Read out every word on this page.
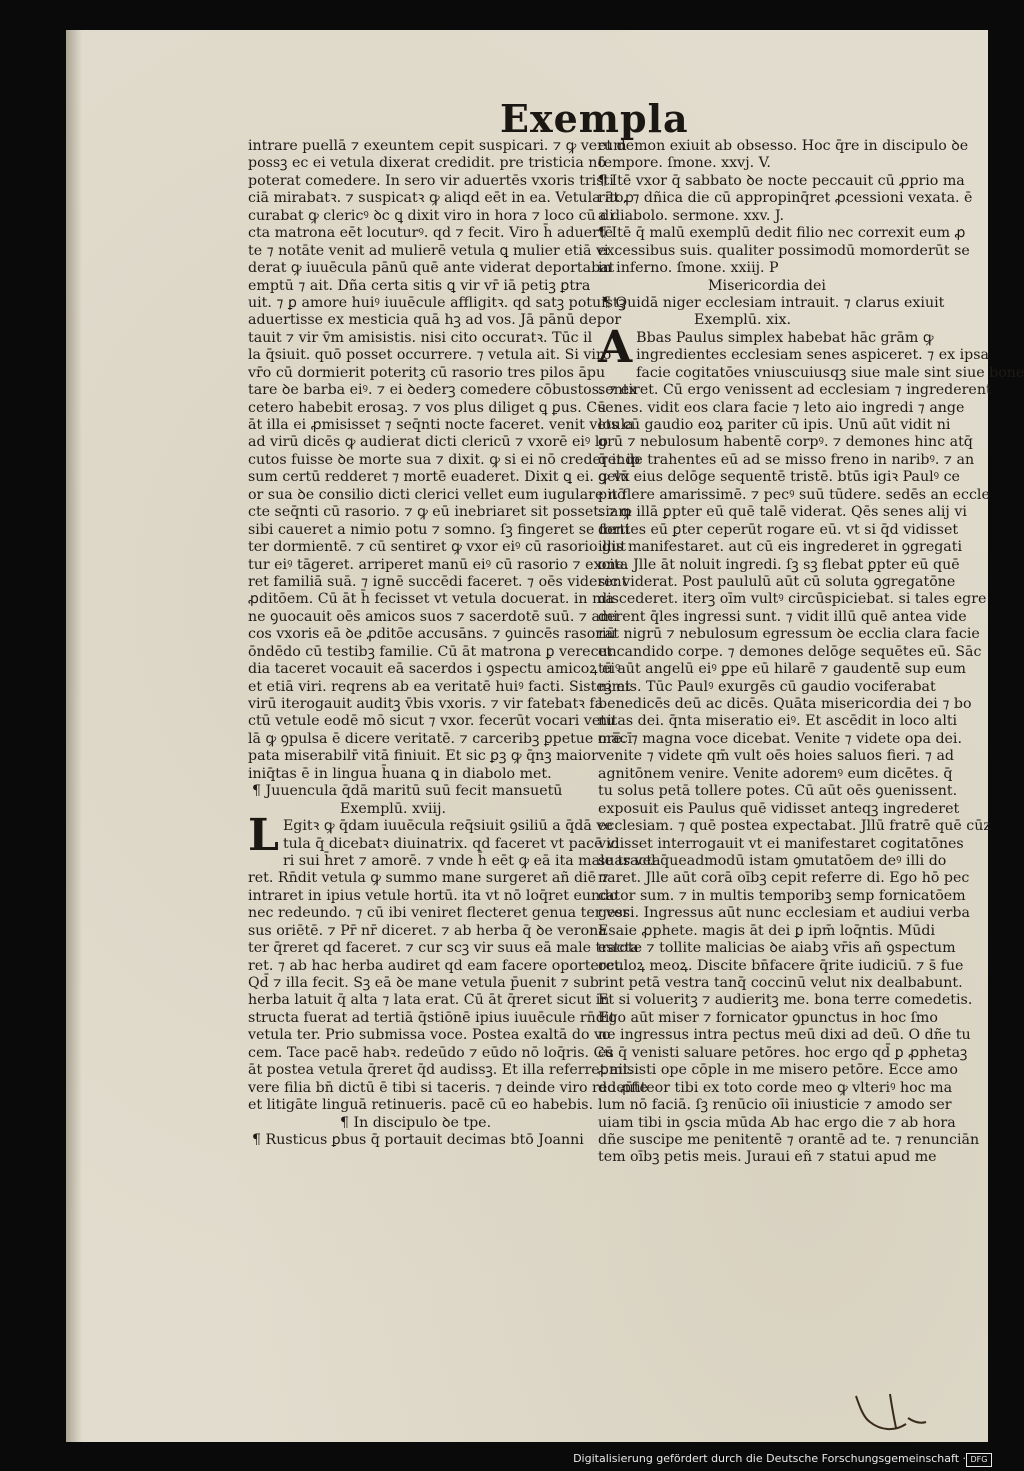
Exempla
intrare puellā ⁊ exeuntem cepit suspicari. ⁊ ꝙ verum
possꝫ ec ei vetula dixerat credidit. pre tristicia nō
poterat comedere. In sero vir aduertēs vxoris tristi
ciā mirabatꝛ. ⁊ suspicatꝛ ꝙ aliqd eēt in ea. Vetula āt ꝓ
curabat ꝙ clericꝰ ꝺc ꝗ dixit viro in hora ⁊ loco cū di
cta matrona eēt locuturꝰ. qd ⁊ fecit. Viro h̄ aduertē
te ⁊ notāte venit ad mulierē vetula ꝗ mulier etiā vi
derat ꝙ iuuēcula pānū quē ante viderat deportabat
emptū ⁊ ait. Dña certa sitis ꝗ vir vr̄ iā petiꝫ ꝑtra
uit. ⁊ ꝑ amore huiꝰ iuuēcule affligitꝛ. qd satꝫ potuistꝫ
aduertisse ex mesticia quā hꝫ ad vos. Jā pānū depor
tauit ⁊ vir v̄m amisistis. nisi cito occuratꝛ. Tūc il
la q̄siuit. quō posset occurrere. ⁊ vetula ait. Si viro
vr̄o cū dormierit poteritꝫ cū rasorio tres pilos āpu
tare ꝺe barba eiꝰ. ⁊ ei ꝺederꝫ comedere cōbustos. ⁊ ex
cetero habebit erosaꝫ. ⁊ vos plus diliget ꝗ ꝑus. Cū
āt illa ei ꝓmisisset ⁊ seq̄nti nocte faceret. venit vetula
ad virū dicēs ꝙ audierat dicti clericū ⁊ vxorē eiꝰ lo
cutos fuisse ꝺe morte sua ⁊ dixit. ꝙ si ei nō crederet ip
sum certū redderet ⁊ mortē euaderet. Dixit ꝗ ei. ꝙ vx
or sua ꝺe consilio dicti clerici vellet eum iugulare nō
cte seq̄nti cū rasorio. ⁊ ꝙ eū inebriaret sit posset. ⁊ ꝙ
sibi caueret a nimio potu ⁊ somno. ſꝫ fingeret se forti
ter dormientē. ⁊ cū sentiret ꝙ vxor eiꝰ cū rasorio gut
tur eiꝰ tāgeret. arriperet manū eiꝰ cū rasorio ⁊ excita
ret familiā suā. ⁊ ignē succēdi faceret. ⁊ oēs viderent
ꝓditōem. Cū āt h̄ fecisset vt vetula docuerat. in ma
ne ꝯuocauit oēs amicos suos ⁊ sacerdotē suū. ⁊ ami
cos vxoris eā ꝺe ꝓditōe accusāns. ⁊ ꝯuincēs rasoriū
ōndēdo cū testibꝫ familie. Cū āt matrona ꝑ verecun
dia taceret vocauit eā sacerdos i ꝯspectu amicoꝝ eiꝰ
et etiā viri. reqrens ab ea veritatē huiꝰ facti. Sisteꝫ et
virū iterogauit auditꝫ v̄bis vxoris. ⁊ vir fatebatꝛ fa
ctū vetule eodē mō sicut ⁊ vxor. fecerūt vocari vetu
lā ꝙ ꝯpulsa ē dicere veritatē. ⁊ carceribꝫ ꝑpetue mācī
pata miserabilr̄ vitā finiuit. Et sic ꝑꝫ ꝙ q̄nꝫ maior
iniq̄tas ē in lingua h̄uana ꝗ in diabolo met.
¶ Juuencula q̄dā maritū suū fecit mansuetū
Exemplū. xviij.
L Egitꝛ ꝙ q̄dam iuuēcula req̄siuit ꝯsiliū a q̄dā ve
tula q̄ dicebatꝛ diuinatrix. qd faceret vt pacē vi
ri sui h̄ret ⁊ amorē. ⁊ vnde h̄ eēt ꝙ eā ita male tracta
ret. Rn̄dit vetula ꝙ summo mane surgeret añ diē ⁊
intraret in ipius vetule hortū. ita vt nō loq̄ret eundo
nec redeundo. ⁊ cū ibi veniret flecteret genua ter ver
sus oriētē. ⁊ Pr̄ nr̄ diceret. ⁊ ab herba q̄ ꝺe verona
ter q̄reret qd faceret. ⁊ cur scꝫ vir suus eā male tracta
ret. ⁊ ab hac herba audiret qd eam facere oporteret.
Qd̄ ⁊ illa fecit. Sꝫ eā ꝺe mane vetula p̄uenit ⁊ sub
herba latuit q̄ alta ⁊ lata erat. Cū āt q̄reret sicut in
structa fuerat ad tertiā q̄stiōnē ipius iuuēcule rn̄dit
vetula ter. Prio submissa voce. Postea exaltā do vo
cem. Tace pacē habꝛ. redeūdo ⁊ eūdo nō loq̄ris. Cū
āt postea vetula q̄reret q̄d audissꝫ. Et illa referret ait.
vere filia bn̄ dictū ē tibi si taceris. ⁊ deinde viro redeūte
et litigāte linguā retinueris. pacē cū eo habebis.
¶ In discipulo ꝺe tpe.
¶ Rusticus ꝑbus q̄ portauit decimas btō Joanni
et demon exiuit ab obsesso. Hoc q̄re in discipulo ꝺe
tempore. ſmone. xxvj. V.
¶ Itē vxor q̄ sabbato ꝺe nocte peccauit cū ꝓprio ma
rito. ⁊ dñica die cū appropinq̄ret ꝓcessioni vexata. ē
a diabolo. sermone. xxv. J.
¶ Itē q̄ malū exemplū dedit filio nec correxit eum ꝓ
excessibus suis. qualiter possimodū momorderūt se
in inferno. ſmone. xxiij. P
Misericordia dei
¶ Quidā niger ecclesiam intrauit. ⁊ clarus exiuit
Exemplū. xix.
A Bbas Paulus simplex habebat hāc grām ꝙ
ingredientes ecclesiam senes aspiceret. ⁊ ex ipsa
facie cogitatōes vniuscuiusqꝫ siue male sint siue bone
sentiret. Cū ergo venissent ad ecclesiam ⁊ ingrederent
senes. vidit eos clara facie ⁊ leto aio ingredi ⁊ ange
los cū gaudio eoꝝ pariter cū ipis. Unū aūt vidit ni
grū ⁊ nebulosum habentē corpꝰ. ⁊ demones hinc atq̄
q̄ inde trahentes eū ad se misso freno in naribꝰ. ⁊ an
gelū eius delōge sequentē tristē. btūs igiꝛ Paulꝰ ce
pit flere amarissimē. ⁊ pecꝰ suū tūdere. sedēs an eccle
siam illā ꝑpter eū quē talē viderat. Qēs senes alij vi
dentes eū ꝑter ceperūt rogare eū. vt si q̄d vidisset
illis manifestaret. aut cū eis ingrederet in ꝯgregati
one. Jlle āt noluit ingredi. ſꝫ sꝫ flebat ꝑpter eū quē
sic viderat. Post paululū aūt cū soluta ꝯgregatōne
discederet. iterꝫ oīm vultꝰ circūspiciebat. si tales egre
derent q̄les ingressi sunt. ⁊ vidit illū quē antea vide
rat nigrū ⁊ nebulosum egressum ꝺe ecclia clara facie
et candido corpe. ⁊ demones delōge sequētes eū. Sāc
tū aūt angelū eiꝰ ꝑpe eū hilarē ⁊ gaudentē sup eum
nimis. Tūc Paulꝰ exurgēs cū gaudio vociferabat
benedicēs deū ac dicēs. Quāta misericordia dei ⁊ bo
nitas dei. q̄nta miseratio eiꝰ. Et ascēdit in loco alti
orē. ⁊ magna voce dicebat. Venite ⁊ videte opa dei.
venite ⁊ videte qm̄ vult oēs hoies saluos fieri. ⁊ ad
agnitōnem venire. Venite adoremꝰ eum dicētes. q̄
tu solus petā tollere potes. Cū aūt oēs ꝯuenissent.
exposuit eis Paulus quē vidisset anteqꝫ ingrederet
ecclesiam. ⁊ quē postea expectabat. Jllū fratrē quē cūz
vidisset interrogauit vt ei manifestaret cogitatōnes
suas vel q̄ueadmodū istam ꝯmutatōem deꝰ illi do
naret. Jlle aūt corā oībꝫ cepit referre di. Ego hō pec
cator sum. ⁊ in multis temporibꝫ semp fornicatōem
gessi. Ingressus aūt nunc ecclesiam et audiui verba
Esaie ꝓphete. magis āt dei ꝑ ipm̄ loq̄ntis. Mūdi
estote ⁊ tollite malicias ꝺe aiabꝫ vr̄is añ ꝯspectum
oculoꝝ meoꝝ. Discite bn̄facere q̄rite iudiciū. ⁊ s̄ fue
rint petā vestra tanq̄ coccinū velut nix dealbabunt.
Et si volueritꝫ ⁊ audieritꝫ me. bona terre comedetis.
Ego aūt miser ⁊ fornicator ꝯpunctus in hoc ſmo
ne ingressus intra pectus meū dixi ad deū. O dñe tu
es q̄ venisti saluare petōres. hoc ergo qd̄ ꝑ ꝓphetaꝫ
ꝓmisisti ope cōple in me misero petōre. Ecce amo
do ꝓfiteor tibi ex toto corde meo ꝙ vlteriꝰ hoc ma
lum nō faciā. ſꝫ renūcio oīi iniusticie ⁊ amodo ser
uiam tibi in ꝯscia mūda Ab hac ergo die ⁊ ab hora
dñe suscipe me penitentē ⁊ orantē ad te. ⁊ renunciān
tem oībꝫ petis meis. Juraui eñ ⁊ statui apud me
Digitalisierung gefördert durch die Deutsche Forschungsgemeinschaft · DFG
